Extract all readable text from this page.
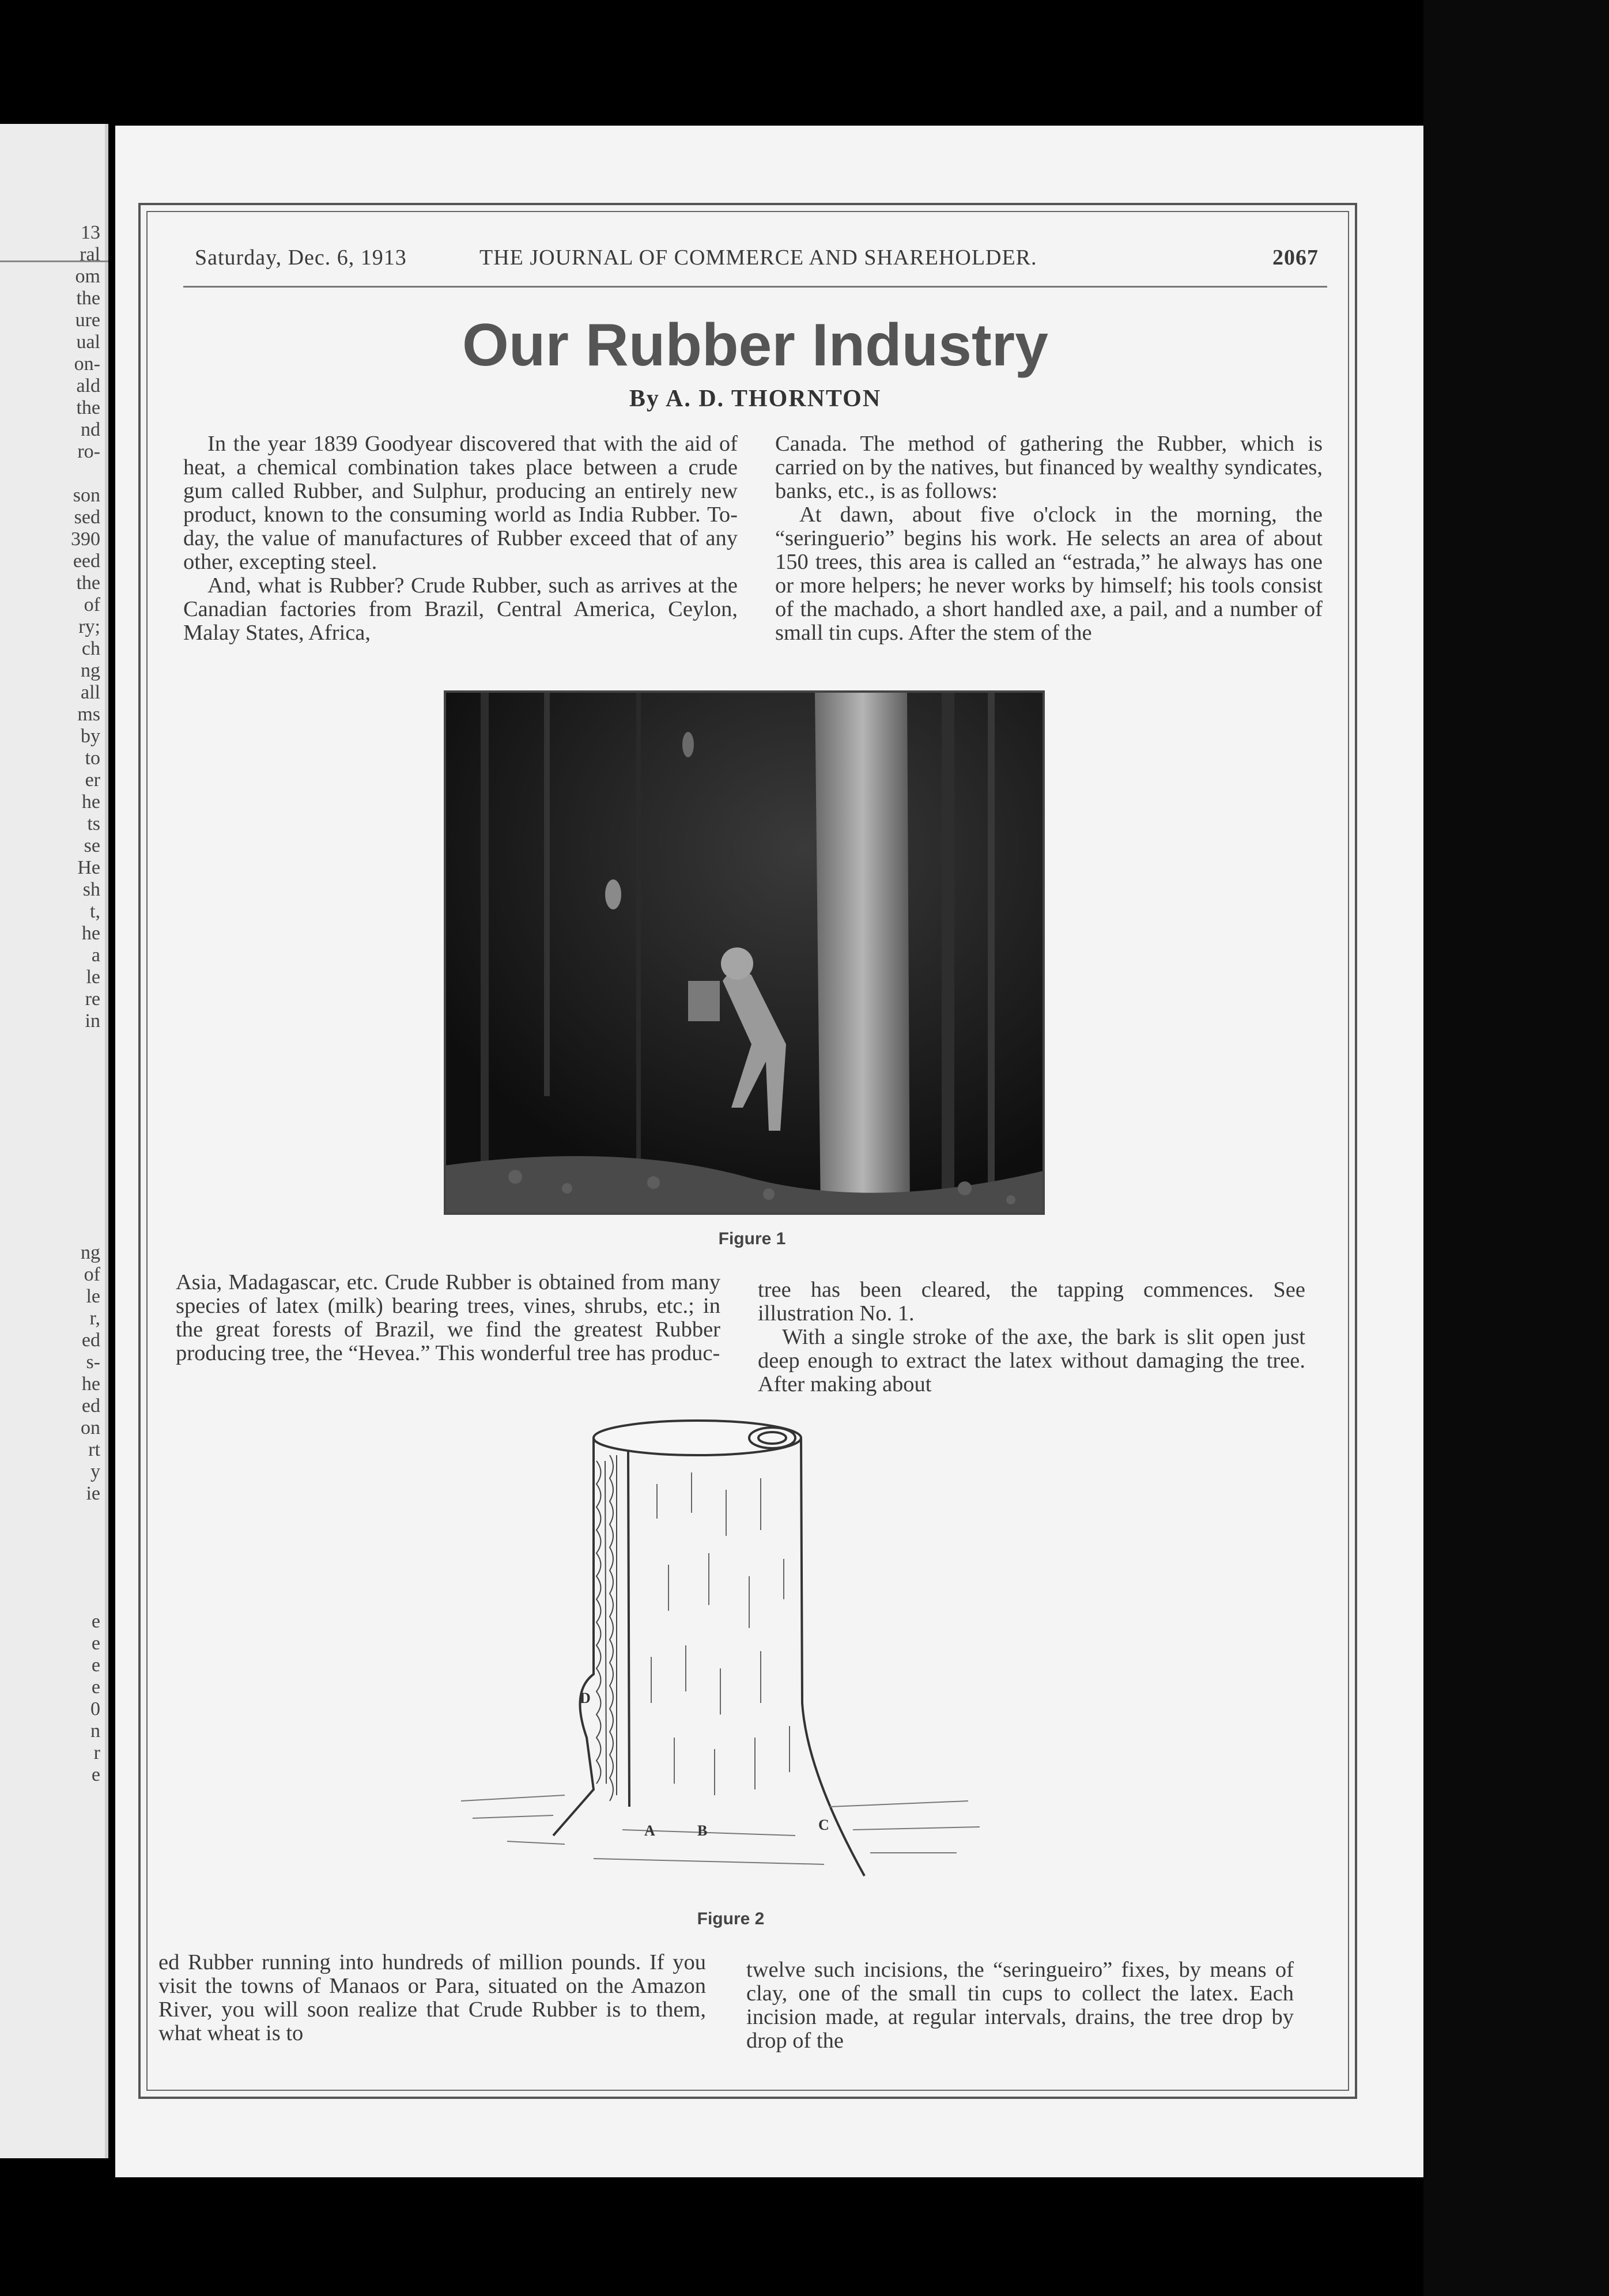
13
ral
om
the
ure
ual
on-
ald
the
nd
ro-

son
sed
390
eed
the
of
ry;
ch
ng
all
ms
by
to
er
he
ts
se
He
sh
t,
he
a
le
re
in
ng
of
le
r,
ed
s-
he
ed
on
rt
y
ie
e
e
e
e
0
n
r
e
Saturday, Dec. 6, 1913	THE JOURNAL OF COMMERCE AND SHAREHOLDER.	2067
Our Rubber Industry
By A. D. THORNTON

In the year 1839 Goodyear discovered that with the aid of heat, a chemical combination takes place between a crude gum called Rubber, and Sulphur, producing an entirely new product, known to the consuming world as India Rubber. To-day, the value of manufactures of Rubber exceed that of any other, excepting steel.

And, what is Rubber? Crude Rubber, such as arrives at the Canadian factories from Brazil, Central America, Ceylon, Malay States, Africa,

Canada. The method of gathering the Rubber, which is carried on by the natives, but financed by wealthy syndicates, banks, etc., is as follows:

At dawn, about five o'clock in the morning, the “seringuerio” begins his work. He selects an area of about 150 trees, this area is called an “estrada,” he always has one or more helpers; he never works by himself; his tools consist of the machado, a short handled axe, a pail, and a number of small tin cups. After the stem of the

Figure 1

Asia, Madagascar, etc. Crude Rubber is obtained from many species of latex (milk) bearing trees, vines, shrubs, etc.; in the great forests of Brazil, we find the greatest Rubber producing tree, the “Hevea.” This wonderful tree has produc-

tree has been cleared, the tapping commences. See illustration No. 1.

With a single stroke of the axe, the bark is slit open just deep enough to extract the latex without damaging the tree. After making about

D
A	B	C
Figure 2

ed Rubber running into hundreds of million pounds. If you visit the towns of Manaos or Para, situated on the Amazon River, you will soon realize that Crude Rubber is to them, what wheat is to

twelve such incisions, the “seringueiro” fixes, by means of clay, one of the small tin cups to collect the latex. Each incision made, at regular intervals, drains, the tree drop by drop of the
